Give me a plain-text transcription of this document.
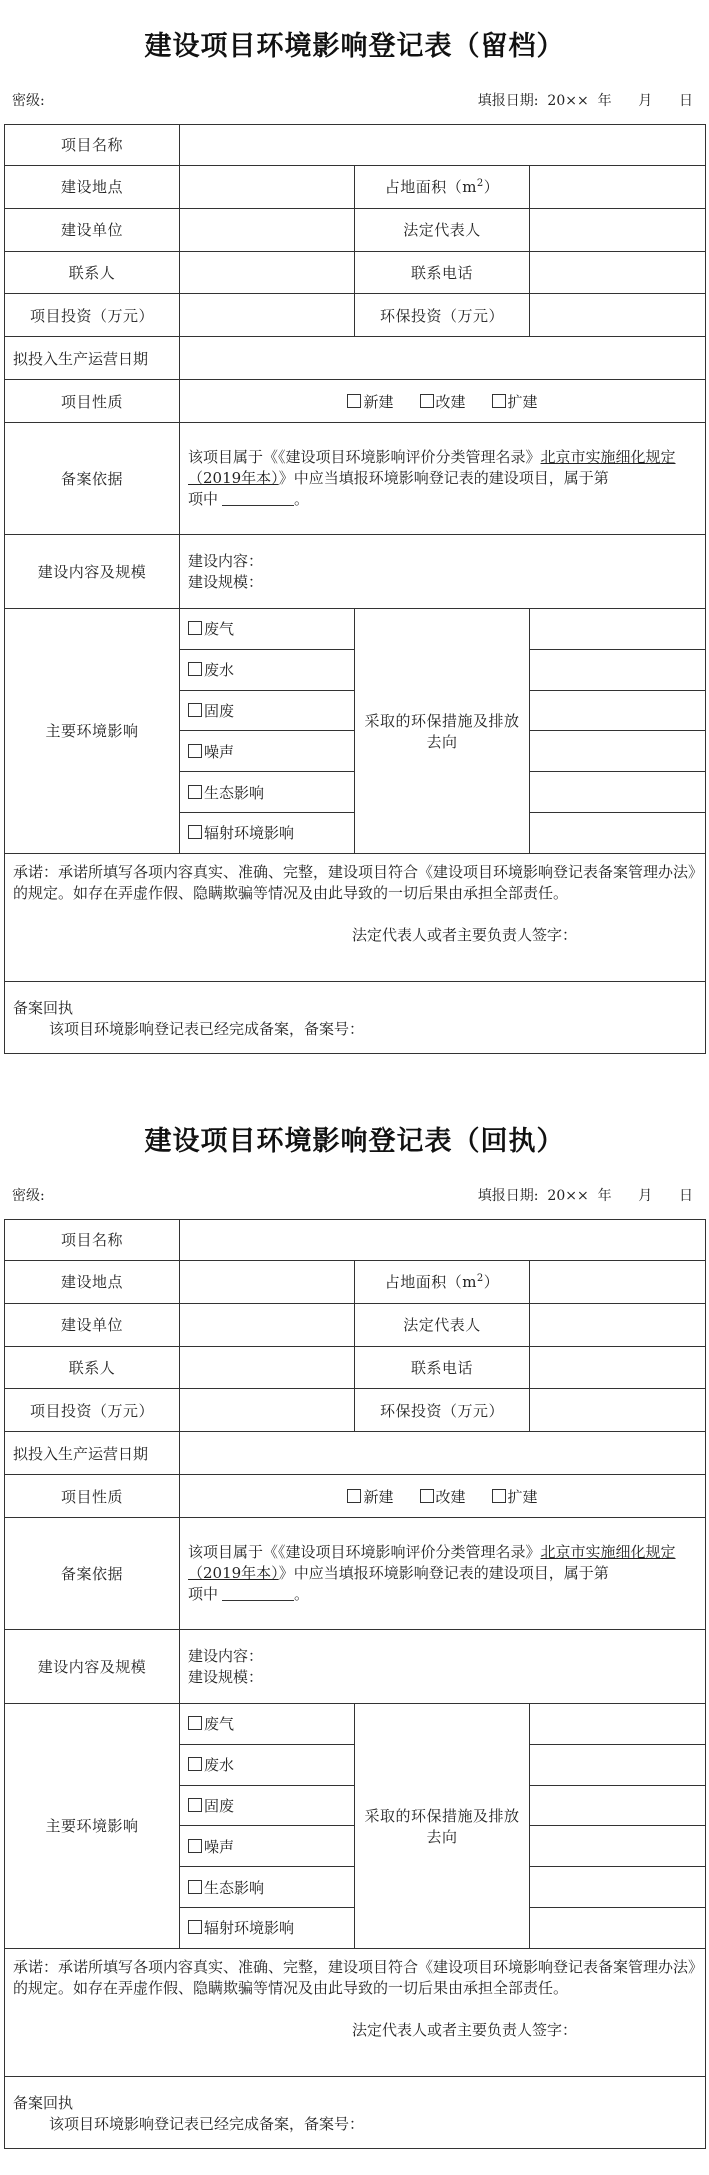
建设项目环境影响登记表（留档）
密级:	填报日期:  20××  年      月      日
项目名称			
建设地点		占地面积$(m^2)$	
建设单位		法定代表人	
联系人		联系电话	
项目投资（万元）		环保投资（万元）	
拟投入生产运营日期			
项目性质	新建 改建 扩建		
备案依据	该项目属于《《建设项目环境影响评价分类管理名录》北京市实施细化规定（2019年本）》中应当填报环境影响登记表的建设项目，属于第
项中 。		

建设内容及规模	建设内容：
建设规模：		

主要环境影响	废气	采取的环保措施及排放去向	
	废水		
	固废		
	噪声		
	生态影响		
	辐射环境影响		

承诺：承诺所填写各项内容真实、准确、完整，建设项目符合《建设项目环境影响登记表备案管理办法》的规定。如存在弄虚作假、隐瞒欺骗等情况及由此导致的一切后果由承担全部责任。
法定代表人或者主要负责人签字：			

备案回执
该项目环境影响登记表已经完成备案，备案号：			
建设项目环境影响登记表（回执）
密级:	填报日期:  20××  年      月      日
项目名称			
建设地点		占地面积$(m^2)$	
建设单位		法定代表人	
联系人		联系电话	
项目投资（万元）		环保投资（万元）	
拟投入生产运营日期			
项目性质	新建 改建 扩建		
备案依据	该项目属于《《建设项目环境影响评价分类管理名录》北京市实施细化规定（2019年本）》中应当填报环境影响登记表的建设项目，属于第
项中 。		

建设内容及规模	建设内容：
建设规模：		

主要环境影响	废气	采取的环保措施及排放去向	
	废水		
	固废		
	噪声		
	生态影响		
	辐射环境影响		

承诺：承诺所填写各项内容真实、准确、完整，建设项目符合《建设项目环境影响登记表备案管理办法》的规定。如存在弄虚作假、隐瞒欺骗等情况及由此导致的一切后果由承担全部责任。
法定代表人或者主要负责人签字：			

备案回执
该项目环境影响登记表已经完成备案，备案号：			
